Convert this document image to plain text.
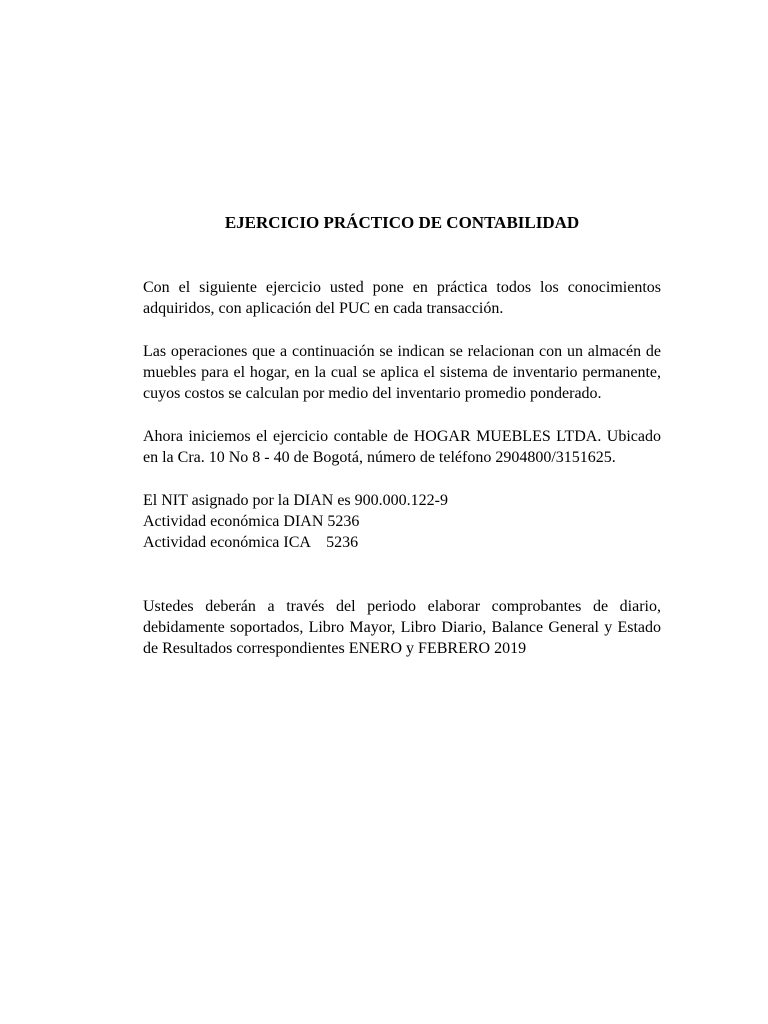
EJERCICIO PRÁCTICO DE CONTABILIDAD

Con el siguiente ejercicio usted pone en práctica todos los conocimientos adquiridos, con aplicación del PUC en cada transacción.

Las operaciones que a continuación se indican se relacionan con un almacén de muebles para el hogar, en la cual se aplica el sistema de inventario permanente, cuyos costos se calculan por medio del inventario promedio ponderado.

Ahora iniciemos el ejercicio contable de HOGAR MUEBLES LTDA. Ubicado en la Cra. 10 No 8 - 40 de Bogotá, número de teléfono 2904800/3151625.

El NIT asignado por la DIAN es 900.000.122-9
Actividad económica DIAN 5236
Actividad económica ICA    5236

Ustedes deberán a través del periodo elaborar comprobantes de diario, debidamente soportados, Libro Mayor, Libro Diario, Balance General y Estado de Resultados correspondientes ENERO y FEBRERO 2019
